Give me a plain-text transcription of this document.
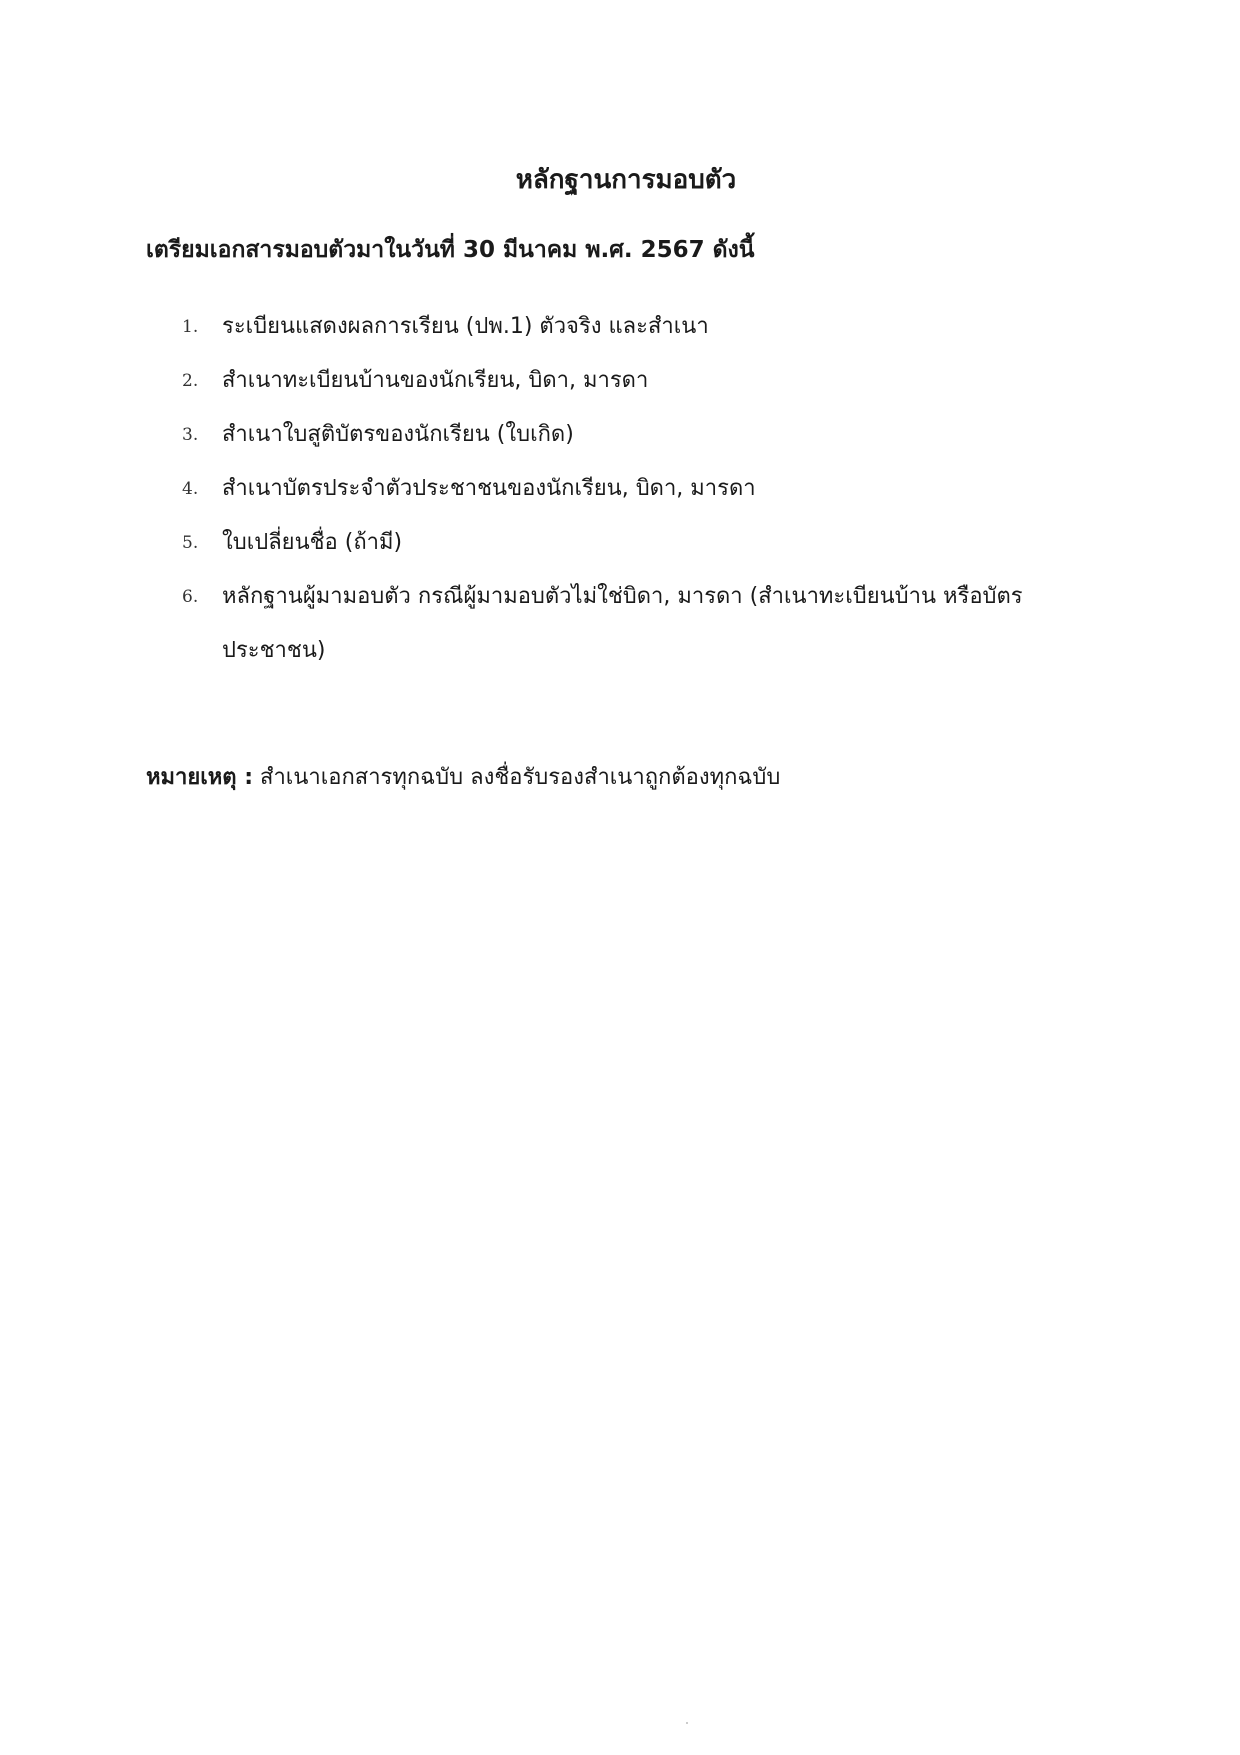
หลักฐานการมอบตัว
เตรียมเอกสารมอบตัวมาในวันที่ 30 มีนาคม พ.ศ. 2567 ดังนี้
1. ระเบียนแสดงผลการเรียน (ปพ.1) ตัวจริง และสำเนา
2. สำเนาทะเบียนบ้านของนักเรียน, บิดา, มารดา
3. สำเนาใบสูติบัตรของนักเรียน (ใบเกิด)
4. สำเนาบัตรประจำตัวประชาชนของนักเรียน, บิดา, มารดา
5. ใบเปลี่ยนชื่อ (ถ้ามี)
6. หลักฐานผู้มามอบตัว กรณีผู้มามอบตัวไม่ใช่บิดา, มารดา (สำเนาทะเบียนบ้าน หรือบัตรประชาชน)
หมายเหตุ : สำเนาเอกสารทุกฉบับ ลงชื่อรับรองสำเนาถูกต้องทุกฉบับ
